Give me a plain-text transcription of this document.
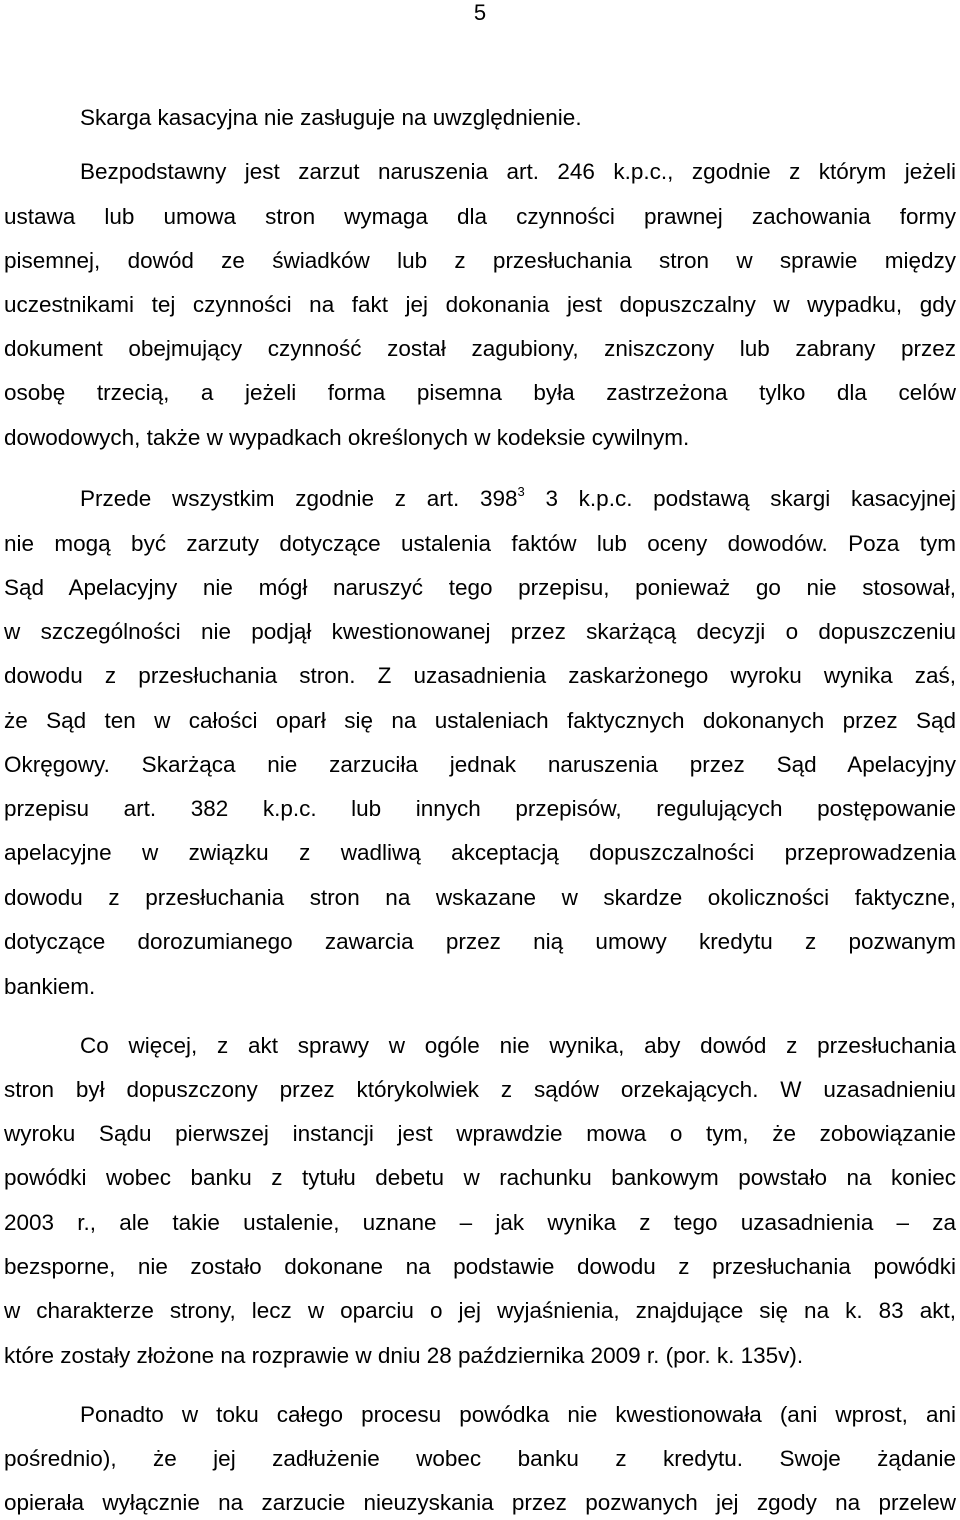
5
Skarga kasacyjna nie zasługuje na uwzględnienie.
Bezpodstawny jest zarzut naruszenia art. 246 k.p.c., zgodnie z którym jeżeli
ustawa lub umowa stron wymaga dla czynności prawnej zachowania formy
pisemnej, dowód ze świadków lub z przesłuchania stron w sprawie między
uczestnikami tej czynności na fakt jej dokonania jest dopuszczalny w wypadku, gdy
dokument obejmujący czynność został zagubiony, zniszczony lub zabrany przez
osobę trzecią, a jeżeli forma pisemna była zastrzeżona tylko dla celów
dowodowych, także w wypadkach określonych w kodeksie cywilnym.
Przede wszystkim zgodnie z art. $398^3$ 3 k.p.c. podstawą skargi kasacyjnej
nie mogą być zarzuty dotyczące ustalenia faktów lub oceny dowodów. Poza tym
Sąd Apelacyjny nie mógł naruszyć tego przepisu, ponieważ go nie stosował,
w szczególności nie podjął kwestionowanej przez skarżącą decyzji o dopuszczeniu
dowodu z przesłuchania stron. Z uzasadnienia zaskarżonego wyroku wynika zaś,
że Sąd ten w całości oparł się na ustaleniach faktycznych dokonanych przez Sąd
Okręgowy. Skarżąca nie zarzuciła jednak naruszenia przez Sąd Apelacyjny
przepisu art. 382 k.p.c. lub innych przepisów, regulujących postępowanie
apelacyjne w związku z wadliwą akceptacją dopuszczalności przeprowadzenia
dowodu z przesłuchania stron na wskazane w skardze okoliczności faktyczne,
dotyczące dorozumianego zawarcia przez nią umowy kredytu z pozwanym
bankiem.
Co więcej, z akt sprawy w ogóle nie wynika, aby dowód z przesłuchania
stron był dopuszczony przez którykolwiek z sądów orzekających. W uzasadnieniu
wyroku Sądu pierwszej instancji jest wprawdzie mowa o tym, że zobowiązanie
powódki wobec banku z tytułu debetu w rachunku bankowym powstało na koniec
2003 r., ale takie ustalenie, uznane – jak wynika z tego uzasadnienia – za
bezsporne, nie zostało dokonane na podstawie dowodu z przesłuchania powódki
w charakterze strony, lecz w oparciu o jej wyjaśnienia, znajdujące się na k. 83 akt,
które zostały złożone na rozprawie w dniu 28 października 2009 r. (por. k. 135v).
Ponadto w toku całego procesu powódka nie kwestionowała (ani wprost, ani
pośrednio), że jej zadłużenie wobec banku z kredytu. Swoje żądanie
opierała wyłącznie na zarzucie nieuzyskania przez pozwanych jej zgody na przelew
